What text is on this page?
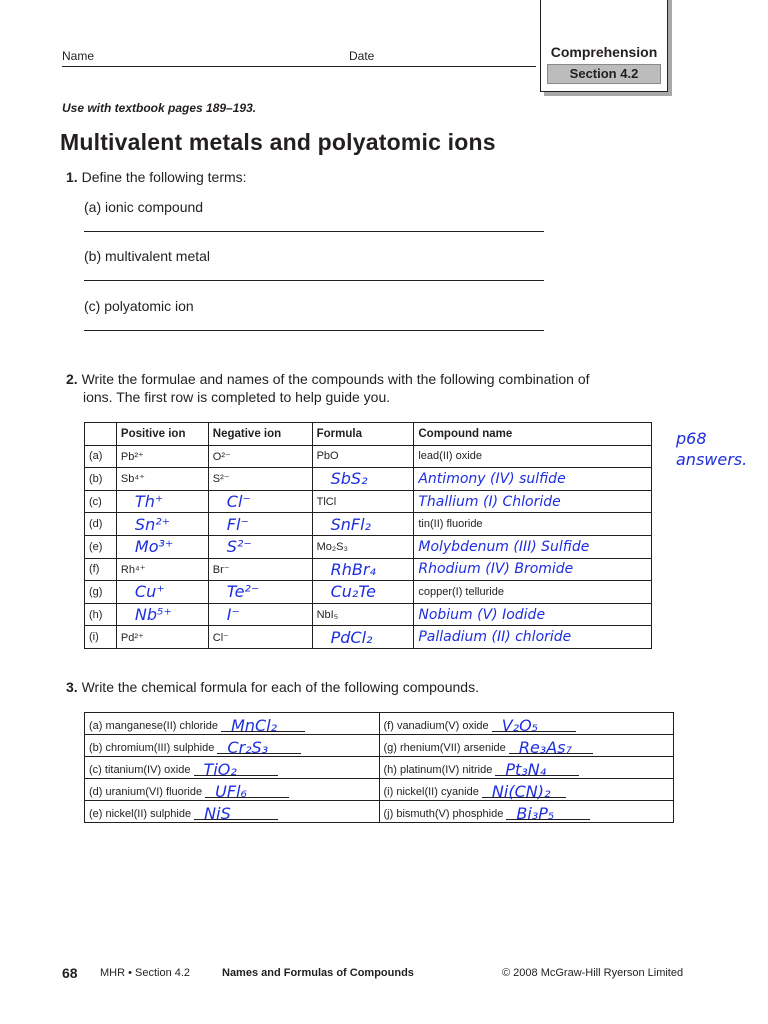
Name	Date	Comprehension
Section 4.2
Use with textbook pages 189–193.
Multivalent metals and polyatomic ions
1. Define the following terms:
(a) ionic compound
(b) multivalent metal
(c) polyatomic ion
2. Write the formulae and names of the compounds with the following combination of
ions. The first row is completed to help guide you.
	Positive ion	Negative ion	Formula	Compound name
(a)	Pb²⁺	O²⁻	PbO	lead(II) oxide
(b)	Sb⁴⁺	S²⁻	SbS₂	Antimony (IV) sulfide
(c)	Th⁺	Cl⁻	TlCl	Thallium (I) Chloride
(d)	Sn²⁺	Fl⁻	SnFl₂	tin(II) fluoride
(e)	Mo³⁺	S²⁻	Mo₂S₃	Molybdenum (III) Sulfide
(f)	Rh⁴⁺	Br⁻	RhBr₄	Rhodium (IV) Bromide
(g)	Cu⁺	Te²⁻	Cu₂Te	copper(I) telluride
(h)	Nb⁵⁺	I⁻	NbI₅	Nobium (V) Iodide
(i)	Pd²⁺	Cl⁻	PdCl₂	Palladium (II) chloride
p68
answers.
3. Write the chemical formula for each of the following compounds.
(a) manganese(II) chloride MnCl₂	(f) vanadium(V) oxide V₂O₅
(b) chromium(III) sulphide Cr₂S₃	(g) rhenium(VII) arsenide Re₃As₇
(c) titanium(IV) oxide TiO₂	(h) platinum(IV) nitride Pt₃N₄
(d) uranium(VI) fluoride UFl₆	(i) nickel(II) cyanide Ni(CN)₂
(e) nickel(II) sulphide NiS	(j) bismuth(V) phosphide Bi₃P₅
68 MHR • Section 4.2	Names and Formulas of Compounds	© 2008 McGraw-Hill Ryerson Limited
